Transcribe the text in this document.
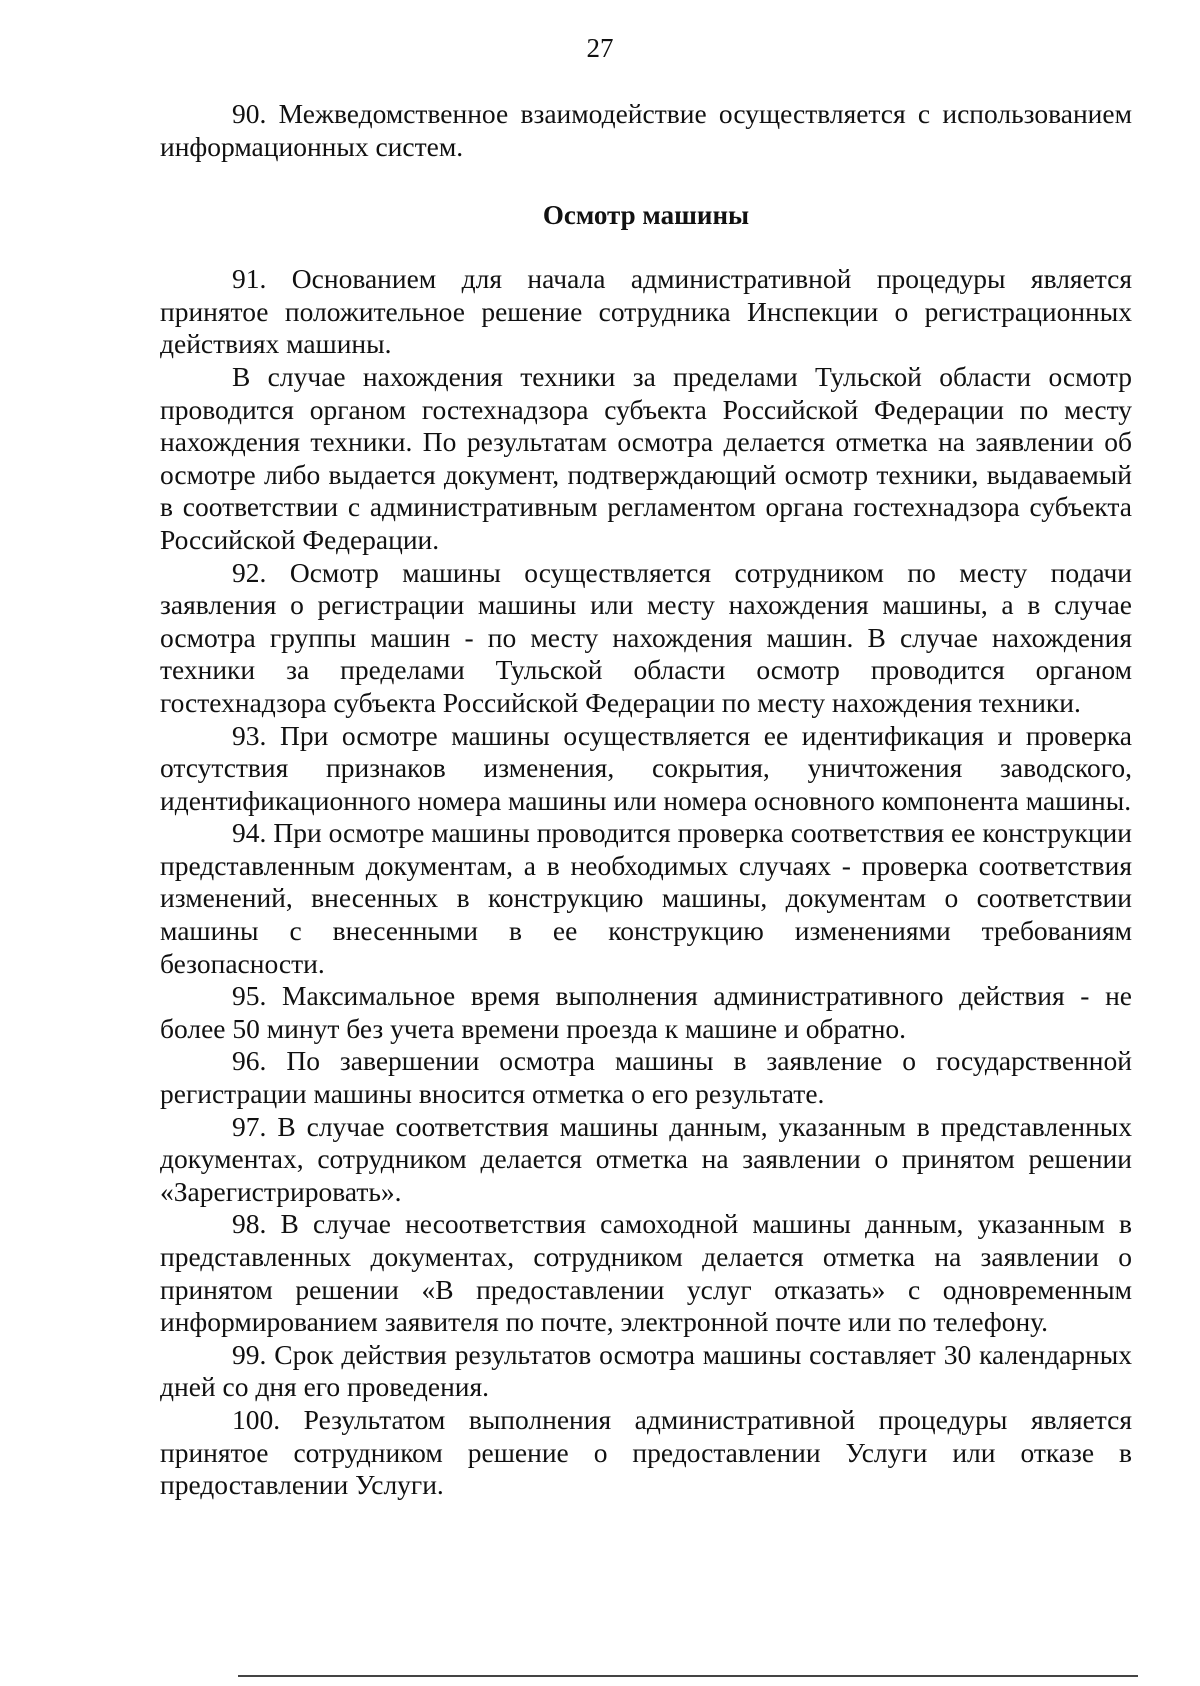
27

90. Межведомственное взаимодействие осуществляется с использованием информационных систем.

Осмотр машины

91. Основанием для начала административной процедуры является принятое положительное решение сотрудника Инспекции о регистрационных действиях машины.

В случае нахождения техники за пределами Тульской области осмотр проводится органом гостехнадзора субъекта Российской Федерации по месту нахождения техники. По результатам осмотра делается отметка на заявлении об осмотре либо выдается документ, подтверждающий осмотр техники, выдаваемый в соответствии с административным регламентом органа гостехнадзора субъекта Российской Федерации.

92. Осмотр машины осуществляется сотрудником по месту подачи заявления о регистрации машины или месту нахождения машины, а в случае осмотра группы машин - по месту нахождения машин. В случае нахождения техники за пределами Тульской области осмотр проводится органом гостехнадзора субъекта Российской Федерации по месту нахождения техники.

93. При осмотре машины осуществляется ее идентификация и проверка отсутствия признаков изменения, сокрытия, уничтожения заводского, идентификационного номера машины или номера основного компонента машины.

94. При осмотре машины проводится проверка соответствия ее конструкции представленным документам, а в необходимых случаях - проверка соответствия изменений, внесенных в конструкцию машины, документам о соответствии машины с внесенными в ее конструкцию изменениями требованиям безопасности.

95. Максимальное время выполнения административного действия - не более 50 минут без учета времени проезда к машине и обратно.

96. По завершении осмотра машины в заявление о государственной регистрации машины вносится отметка о его результате.

97. В случае соответствия машины данным, указанным в представленных документах, сотрудником делается отметка на заявлении о принятом решении «Зарегистрировать».

98. В случае несоответствия самоходной машины данным, указанным в представленных документах, сотрудником делается отметка на заявлении о принятом решении «В предоставлении услуг отказать» с одновременным информированием заявителя по почте, электронной почте или по телефону.

99. Срок действия результатов осмотра машины составляет 30 календарных дней со дня его проведения.

100. Результатом выполнения административной процедуры является принятое сотрудником решение о предоставлении Услуги или отказе в предоставлении Услуги.
